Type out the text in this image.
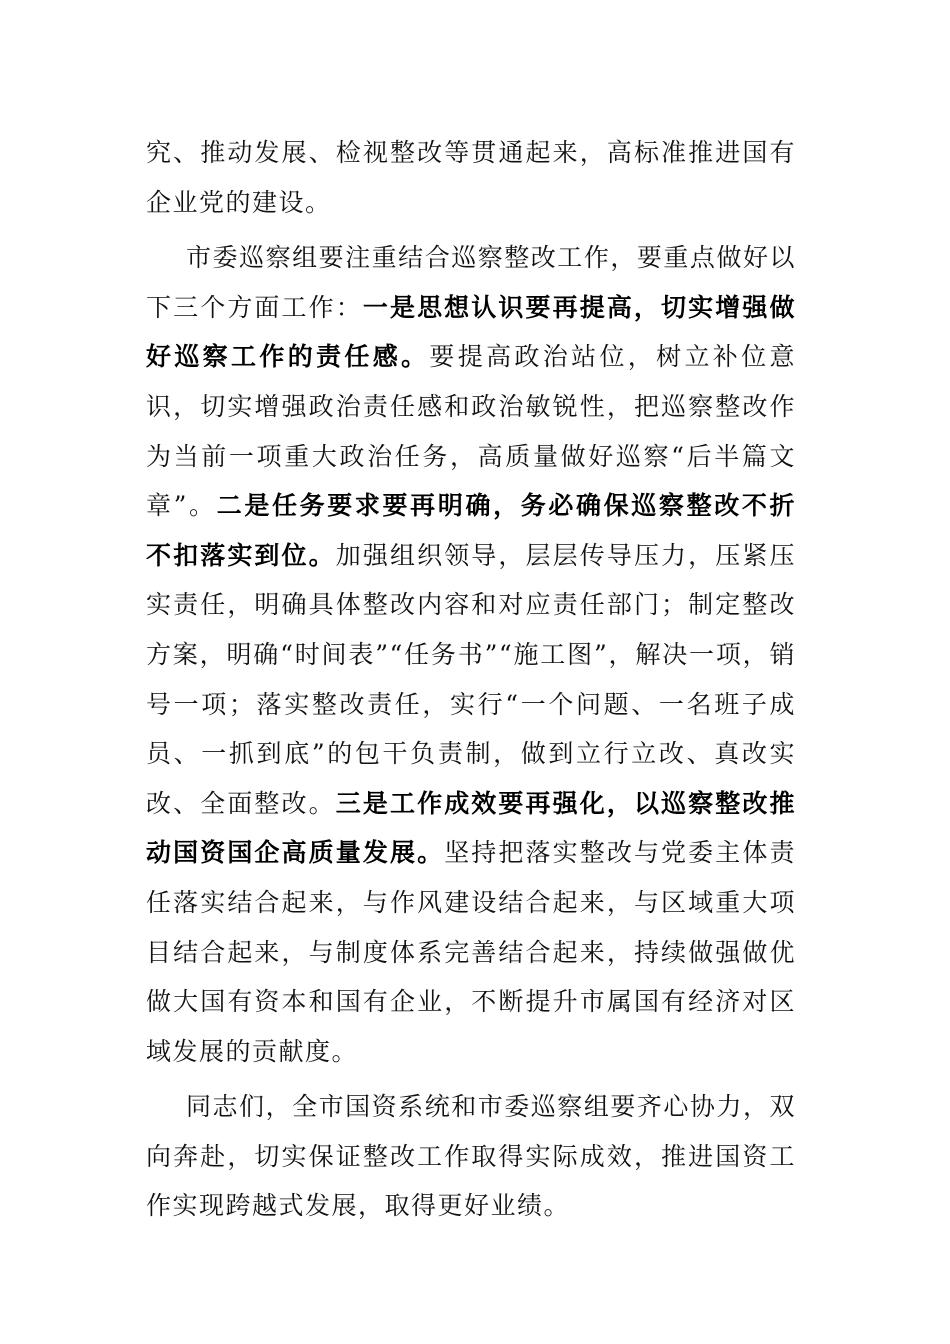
究、推动发展、检视整改等贯通起来，高标准推进国有企业党的建设。

市委巡察组要注重结合巡察整改工作，要重点做好以下三个方面工作：一是思想认识要再提高，切实增强做好巡察工作的责任感。要提高政治站位，树立补位意识，切实增强政治责任感和政治敏锐性，把巡察整改作为当前一项重大政治任务，高质量做好巡察“后半篇文章”。二是任务要求要再明确，务必确保巡察整改不折不扣落实到位。加强组织领导，层层传导压力，压紧压实责任，明确具体整改内容和对应责任部门；制定整改方案，明确“时间表”“任务书”“施工图”，解决一项，销号一项；落实整改责任，实行“一个问题、一名班子成员、一抓到底”的包干负责制，做到立行立改、真改实改、全面整改。三是工作成效要再强化，以巡察整改推动国资国企高质量发展。坚持把落实整改与党委主体责任落实结合起来，与作风建设结合起来，与区域重大项目结合起来，与制度体系完善结合起来，持续做强做优做大国有资本和国有企业，不断提升市属国有经济对区域发展的贡献度。

同志们，全市国资系统和市委巡察组要齐心协力，双向奔赴，切实保证整改工作取得实际成效，推进国资工作实现跨越式发展，取得更好业绩。
